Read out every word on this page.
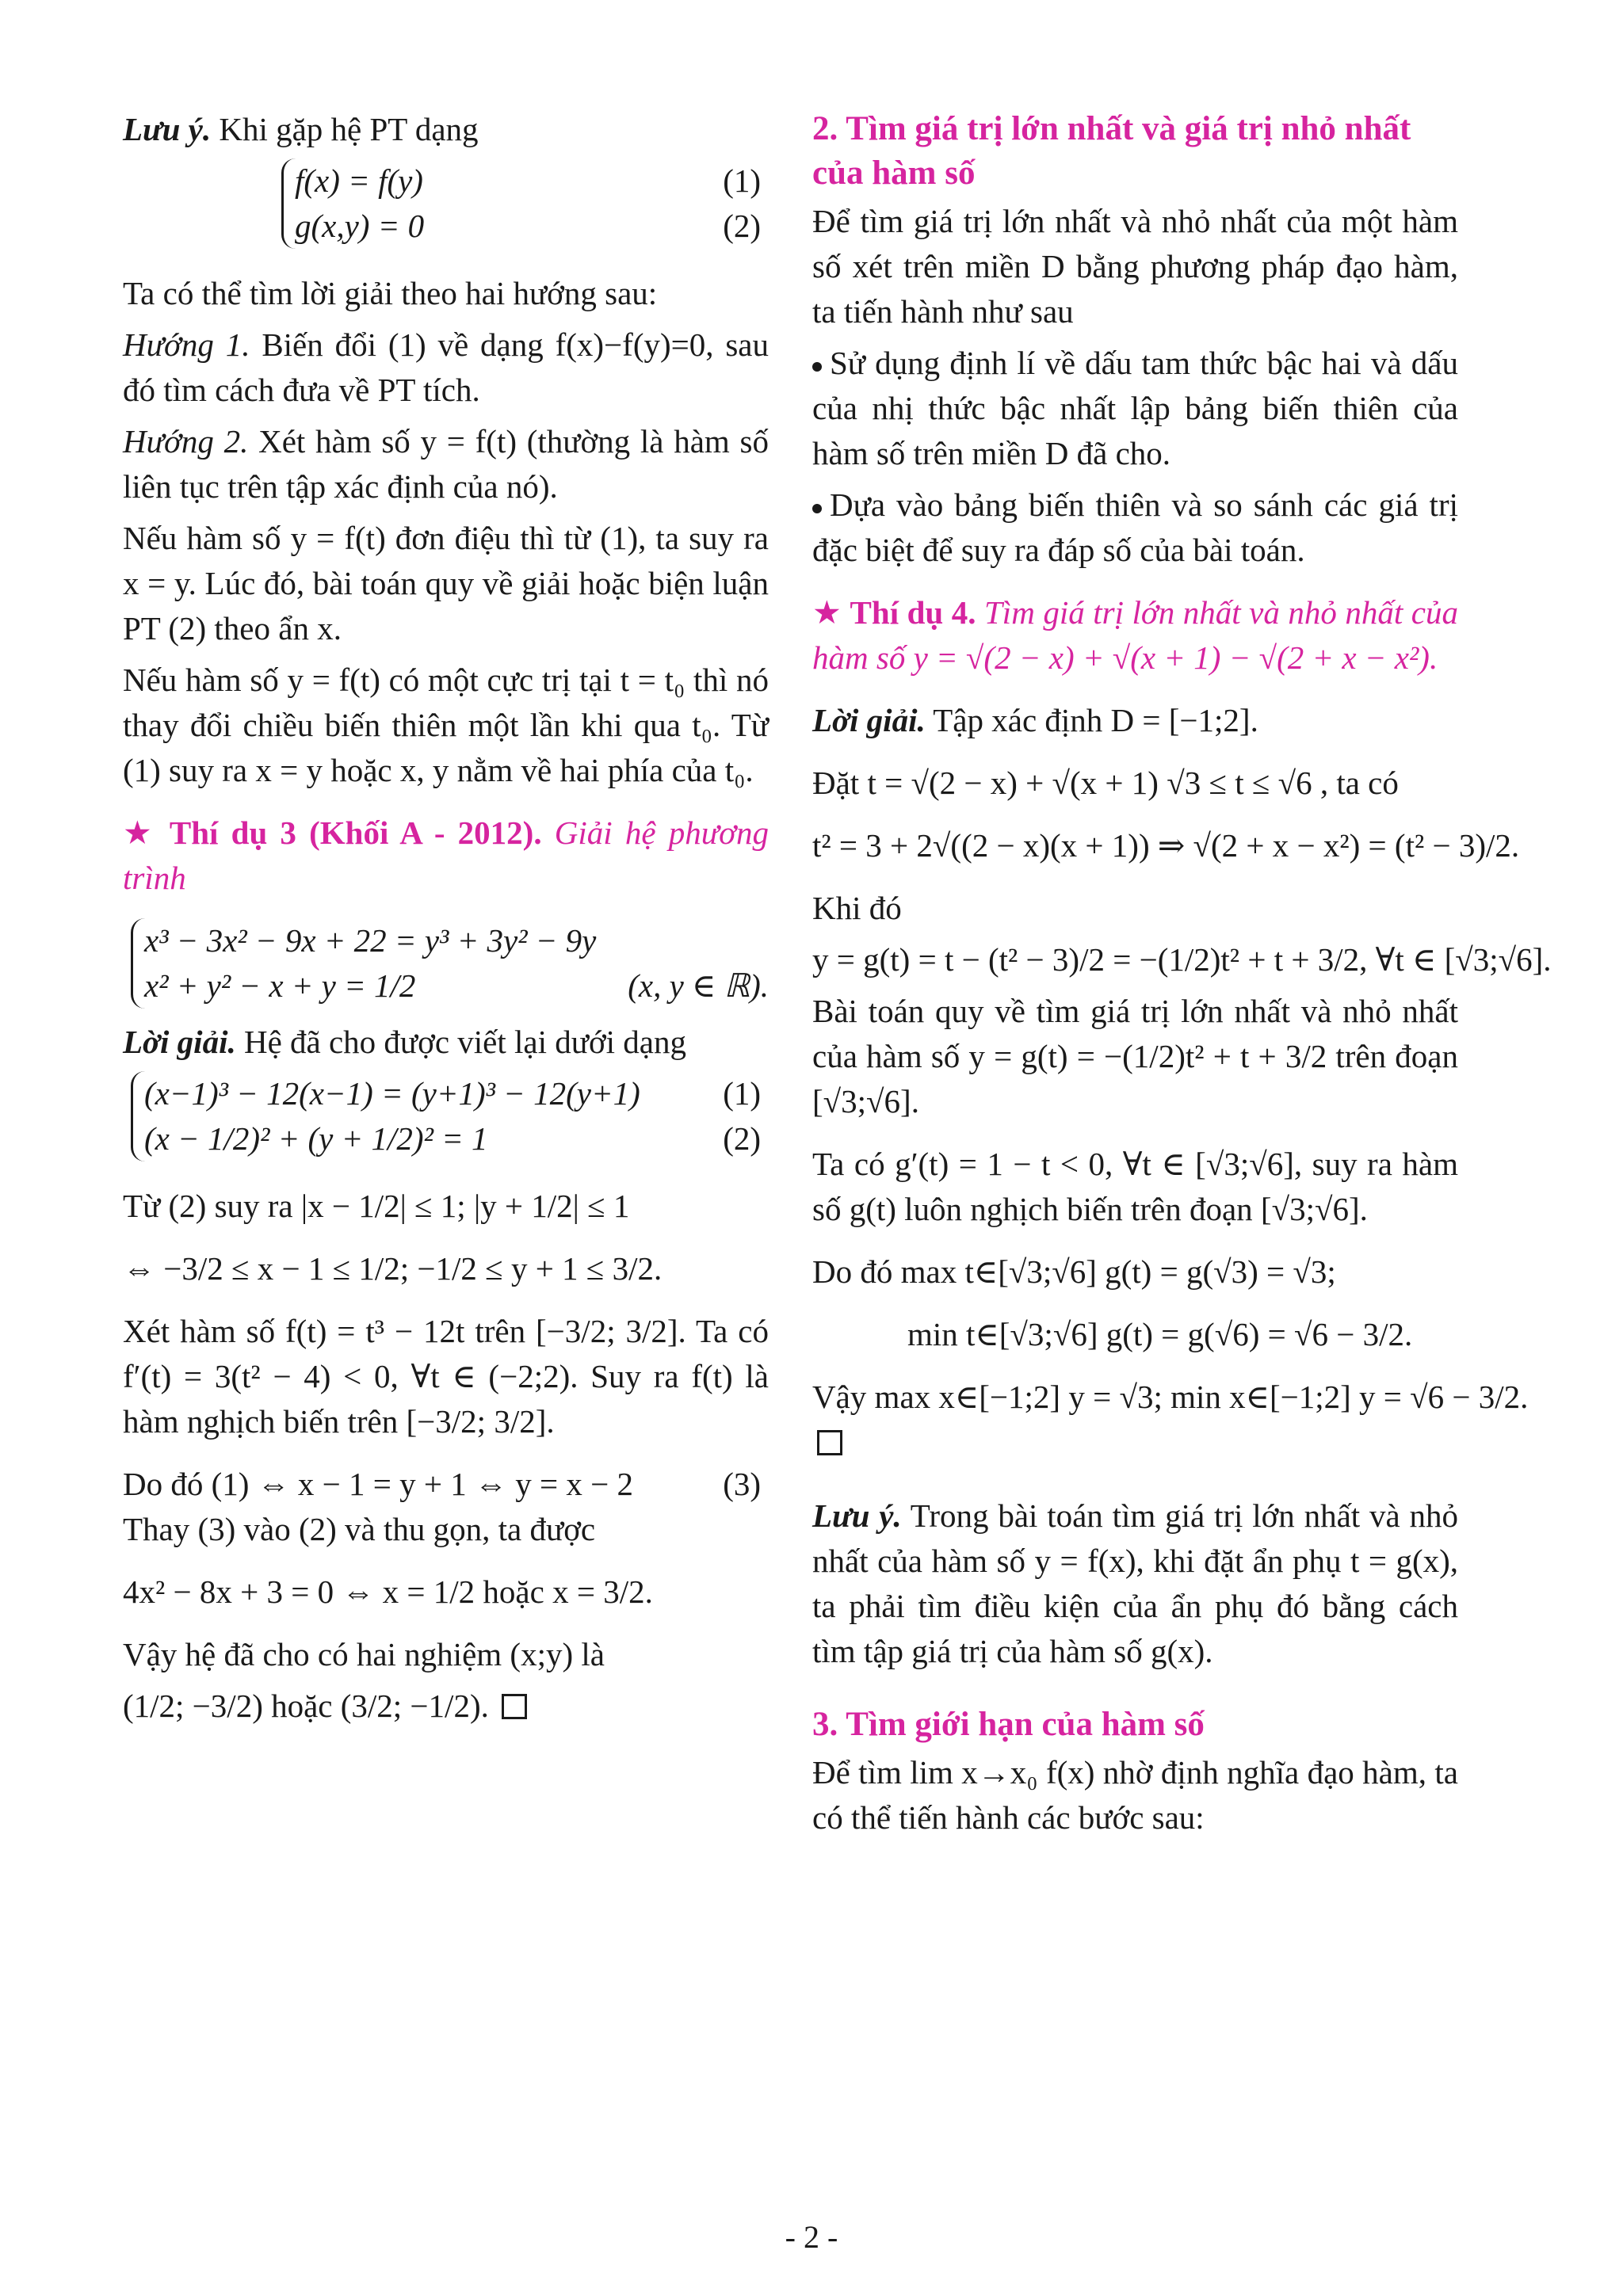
Lưu ý. Khi gặp hệ PT dạng

f(x) = f(y)	(1)
g(x,y) = 0	(2)

Ta có thể tìm lời giải theo hai hướng sau:

Hướng 1. Biến đổi (1) về dạng f(x)−f(y)=0, sau đó tìm cách đưa về PT tích.

Hướng 2. Xét hàm số y = f(t) (thường là hàm số liên tục trên tập xác định của nó).

Nếu hàm số y = f(t) đơn điệu thì từ (1), ta suy ra x = y. Lúc đó, bài toán quy về giải hoặc biện luận PT (2) theo ẩn x.

Nếu hàm số y = f(t) có một cực trị tại t = t₀ thì nó thay đổi chiều biến thiên một lần khi qua t₀. Từ (1) suy ra x = y hoặc x, y nằm về hai phía của t₀.

★ Thí dụ 3 (Khối A - 2012). Giải hệ phương trình

x³ − 3x² − 9x + 22 = y³ + 3y² − 9y
x² + y² − x + y = 1/2	(x, y ∈ ℝ).

Lời giải. Hệ đã cho được viết lại dưới dạng

(x−1)³ − 12(x−1) = (y+1)³ − 12(y+1)	(1)
(x − 1/2)² + (y + 1/2)² = 1	(2)

Từ (2) suy ra |x − 1/2| ≤ 1; |y + 1/2| ≤ 1

⇔ −3/2 ≤ x − 1 ≤ 1/2; −1/2 ≤ y + 1 ≤ 3/2.

Xét hàm số f(t) = t³ − 12t trên [−3/2; 3/2]. Ta có f′(t) = 3(t² − 4) < 0, ∀t ∈ (−2;2). Suy ra f(t) là hàm nghịch biến trên [−3/2; 3/2].

Do đó (1) ⇔ x − 1 = y + 1 ⇔ y = x − 2	(3)

Thay (3) vào (2) và thu gọn, ta được

4x² − 8x + 3 = 0 ⇔ x = 1/2 hoặc x = 3/2.

Vậy hệ đã cho có hai nghiệm (x;y) là

(1/2; −3/2) hoặc (3/2; −1/2).

2. Tìm giá trị lớn nhất và giá trị nhỏ nhất của hàm số

Để tìm giá trị lớn nhất và nhỏ nhất của một hàm số xét trên miền D bằng phương pháp đạo hàm, ta tiến hành như sau

Sử dụng định lí về dấu tam thức bậc hai và dấu của nhị thức bậc nhất lập bảng biến thiên của hàm số trên miền D đã cho.

Dựa vào bảng biến thiên và so sánh các giá trị đặc biệt để suy ra đáp số của bài toán.

★ Thí dụ 4. Tìm giá trị lớn nhất và nhỏ nhất của hàm số y = √(2 − x) + √(x + 1) − √(2 + x − x²).

Lời giải. Tập xác định D = [−1;2].

Đặt t = √(2 − x) + √(x + 1) √3 ≤ t ≤ √6 , ta có

t² = 3 + 2√((2 − x)(x + 1)) ⇒ √(2 + x − x²) = (t² − 3)/2.

Khi đó

y = g(t) = t − (t² − 3)/2 = −(1/2)t² + t + 3/2, ∀t ∈ [√3;√6].

Bài toán quy về tìm giá trị lớn nhất và nhỏ nhất của hàm số y = g(t) = −(1/2)t² + t + 3/2 trên đoạn [√3;√6].

Ta có g′(t) = 1 − t < 0, ∀t ∈ [√3;√6], suy ra hàm số g(t) luôn nghịch biến trên đoạn [√3;√6].

Do đó max t∈[√3;√6] g(t) = g(√3) = √3;

min t∈[√3;√6] g(t) = g(√6) = √6 − 3/2.

Vậy max x∈[−1;2] y = √3; min x∈[−1;2] y = √6 − 3/2.

Lưu ý. Trong bài toán tìm giá trị lớn nhất và nhỏ nhất của hàm số y = f(x), khi đặt ẩn phụ t = g(x), ta phải tìm điều kiện của ẩn phụ đó bằng cách tìm tập giá trị của hàm số g(x).

3. Tìm giới hạn của hàm số

Để tìm lim x→x₀ f(x) nhờ định nghĩa đạo hàm, ta có thể tiến hành các bước sau:

- 2 -
